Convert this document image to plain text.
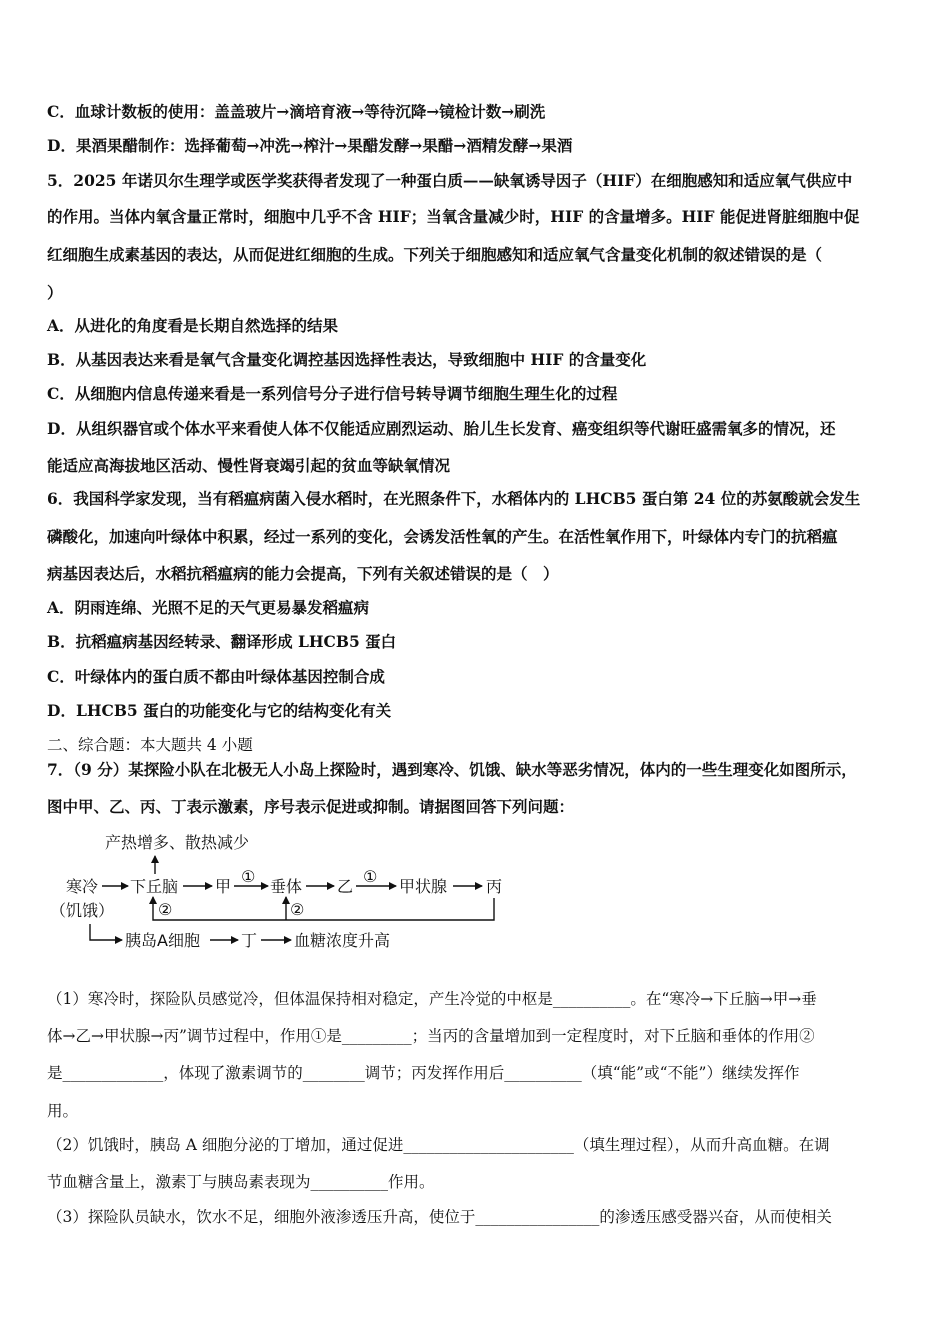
C．血球计数板的使用：盖盖玻片→滴培育液→等待沉降→镜检计数→刷洗
D．果酒果醋制作：选择葡萄→冲洗→榨汁→果醋发酵→果醋→酒精发酵→果酒
5．2025 年诺贝尔生理学或医学奖获得者发现了一种蛋白质——缺氧诱导因子（HIF）在细胞感知和适应氧气供应中
的作用。当体内氧含量正常时，细胞中几乎不含 HIF；当氧含量减少时，HIF 的含量增多。HIF 能促进肾脏细胞中促
红细胞生成素基因的表达，从而促进红细胞的生成。下列关于细胞感知和适应氧气含量变化机制的叙述错误的是（
）
A．从进化的角度看是长期自然选择的结果
B．从基因表达来看是氧气含量变化调控基因选择性表达，导致细胞中 HIF 的含量变化
C．从细胞内信息传递来看是一系列信号分子进行信号转导调节细胞生理生化的过程
D．从组织器官或个体水平来看使人体不仅能适应剧烈运动、胎儿生长发育、癌变组织等代谢旺盛需氧多的情况，还
能适应高海拔地区活动、慢性肾衰竭引起的贫血等缺氧情况
6．我国科学家发现，当有稻瘟病菌入侵水稻时，在光照条件下，水稻体内的 LHCB5 蛋白第 24 位的苏氨酸就会发生
磷酸化，加速向叶绿体中积累，经过一系列的变化，会诱发活性氧的产生。在活性氧作用下，叶绿体内专门的抗稻瘟
病基因表达后，水稻抗稻瘟病的能力会提高，下列有关叙述错误的是（　）
A．阴雨连绵、光照不足的天气更易暴发稻瘟病
B．抗稻瘟病基因经转录、翻译形成 LHCB5 蛋白
C．叶绿体内的蛋白质不都由叶绿体基因控制合成
D．LHCB5 蛋白的功能变化与它的结构变化有关
二、综合题：本大题共 4 小题
7．（9 分）某探险小队在北极无人小岛上探险时，遇到寒冷、饥饿、缺水等恶劣情况，体内的一些生理变化如图所示，
图中甲、乙、丙、丁表示激素，序号表示促进或抑制。请据图回答下列问题：
产热增多、散热减少
寒冷
（饥饿）
下丘脑 甲
①
垂体 乙
①
甲状腺 丙
②	②
胰岛A细胞	丁 血糖浓度升高
（1）寒冷时，探险队员感觉冷，但体温保持相对稳定，产生冷觉的中枢是__________。在“寒冷→下丘脑→甲→垂
体→乙→甲状腺→丙”调节过程中，作用①是_________；当丙的含量增加到一定程度时，对下丘脑和垂体的作用②
是_____________，体现了激素调节的________调节；丙发挥作用后__________（填“能”或“不能”）继续发挥作
用。
（2）饥饿时，胰岛 A 细胞分泌的丁增加，通过促进______________________（填生理过程），从而升高血糖。在调
节血糖含量上，激素丁与胰岛素表现为__________作用。
（3）探险队员缺水，饮水不足，细胞外液渗透压升高，使位于________________的渗透压感受器兴奋，从而使相关
